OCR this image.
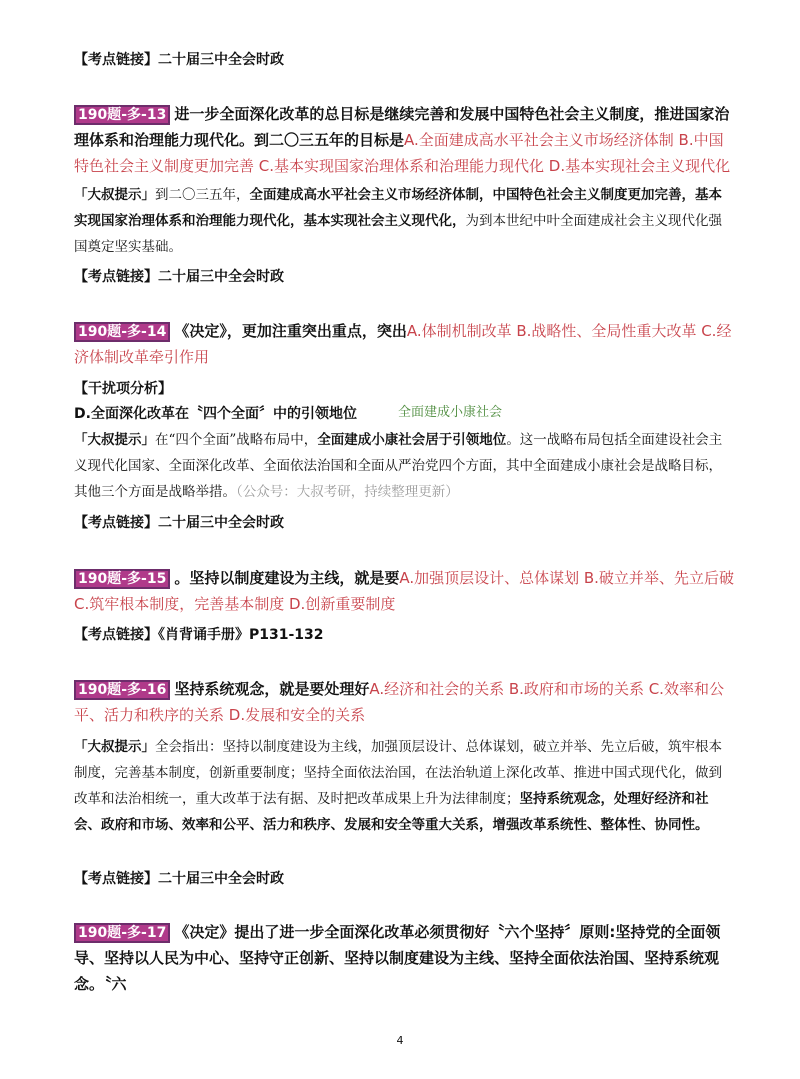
【考点链接】二十届三中全会时政
190题-多-13 进一步全面深化改革的总目标是继续完善和发展中国特色社会主义制度，推进国家治理体系和治理能力现代化。到二〇三五年的目标是A.全面建成高水平社会主义市场经济体制 B.中国特色社会主义制度更加完善 C.基本实现国家治理体系和治理能力现代化 D.基本实现社会主义现代化
「大叔提示」到二〇三五年，全面建成高水平社会主义市场经济体制，中国特色社会主义制度更加完善，基本实现国家治理体系和治理能力现代化，基本实现社会主义现代化，为到本世纪中叶全面建成社会主义现代化强国奠定坚实基础。
【考点链接】二十届三中全会时政
190题-多-14 《决定》，更加注重突出重点，突出A.体制机制改革 B.战略性、全局性重大改革 C.经济体制改革牵引作用
【干扰项分析】
D.全面深化改革在〝四个全面〞中的引领地位	全面建成小康社会
「大叔提示」在“四个全面”战略布局中，全面建成小康社会居于引领地位。这一战略布局包括全面建设社会主义现代化国家、全面深化改革、全面依法治国和全面从严治党四个方面，其中全面建成小康社会是战略目标，其他三个方面是战略举措。（公众号：大叔考研，持续整理更新）
【考点链接】二十届三中全会时政
190题-多-15 。坚持以制度建设为主线，就是要A.加强顶层设计、总体谋划 B.破立并举、先立后破 C.筑牢根本制度，完善基本制度 D.创新重要制度
【考点链接】《肖背诵手册》P131-132
190题-多-16 坚持系统观念，就是要处理好A.经济和社会的关系 B.政府和市场的关系 C.效率和公平、活力和秩序的关系 D.发展和安全的关系
「大叔提示」全会指出：坚持以制度建设为主线，加强顶层设计、总体谋划，破立并举、先立后破，筑牢根本制度，完善基本制度，创新重要制度；坚持全面依法治国，在法治轨道上深化改革、推进中国式现代化，做到改革和法治相统一，重大改革于法有据、及时把改革成果上升为法律制度；坚持系统观念，处理好经济和社会、政府和市场、效率和公平、活力和秩序、发展和安全等重大关系，增强改革系统性、整体性、协同性。
【考点链接】二十届三中全会时政
190题-多-17 《决定》提出了进一步全面深化改革必须贯彻好〝六个坚持〞原则:坚持党的全面领导、坚持以人民为中心、坚持守正创新、坚持以制度建设为主线、坚持全面依法治国、坚持系统观念。〝六
4
